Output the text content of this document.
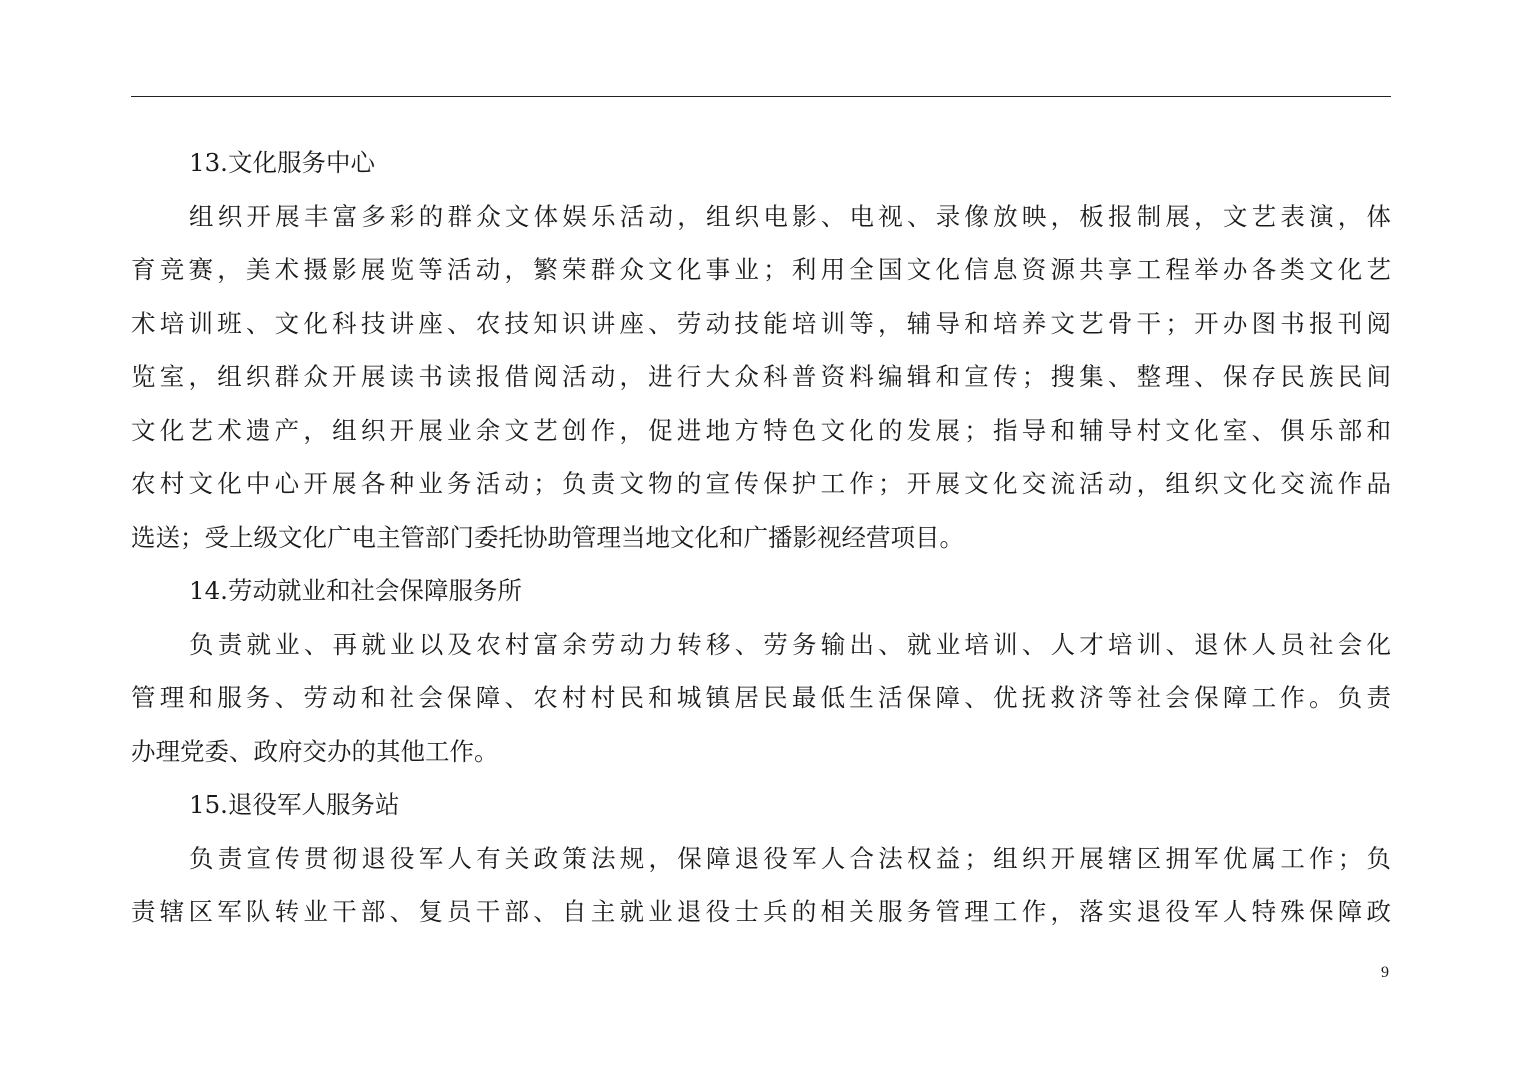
13.文化服务中心
组织开展丰富多彩的群众文体娱乐活动，组织电影、电视、录像放映，板报制展，文艺表演，体
育竞赛，美术摄影展览等活动，繁荣群众文化事业；利用全国文化信息资源共享工程举办各类文化艺
术培训班、文化科技讲座、农技知识讲座、劳动技能培训等，辅导和培养文艺骨干；开办图书报刊阅
览室，组织群众开展读书读报借阅活动，进行大众科普资料编辑和宣传；搜集、整理、保存民族民间
文化艺术遗产，组织开展业余文艺创作，促进地方特色文化的发展；指导和辅导村文化室、俱乐部和
农村文化中心开展各种业务活动；负责文物的宣传保护工作；开展文化交流活动，组织文化交流作品
选送；受上级文化广电主管部门委托协助管理当地文化和广播影视经营项目。
14.劳动就业和社会保障服务所
负责就业、再就业以及农村富余劳动力转移、劳务输出、就业培训、人才培训、退休人员社会化
管理和服务、劳动和社会保障、农村村民和城镇居民最低生活保障、优抚救济等社会保障工作。负责
办理党委、政府交办的其他工作。
15.退役军人服务站
负责宣传贯彻退役军人有关政策法规，保障退役军人合法权益；组织开展辖区拥军优属工作；负
责辖区军队转业干部、复员干部、自主就业退役士兵的相关服务管理工作，落实退役军人特殊保障政
9
